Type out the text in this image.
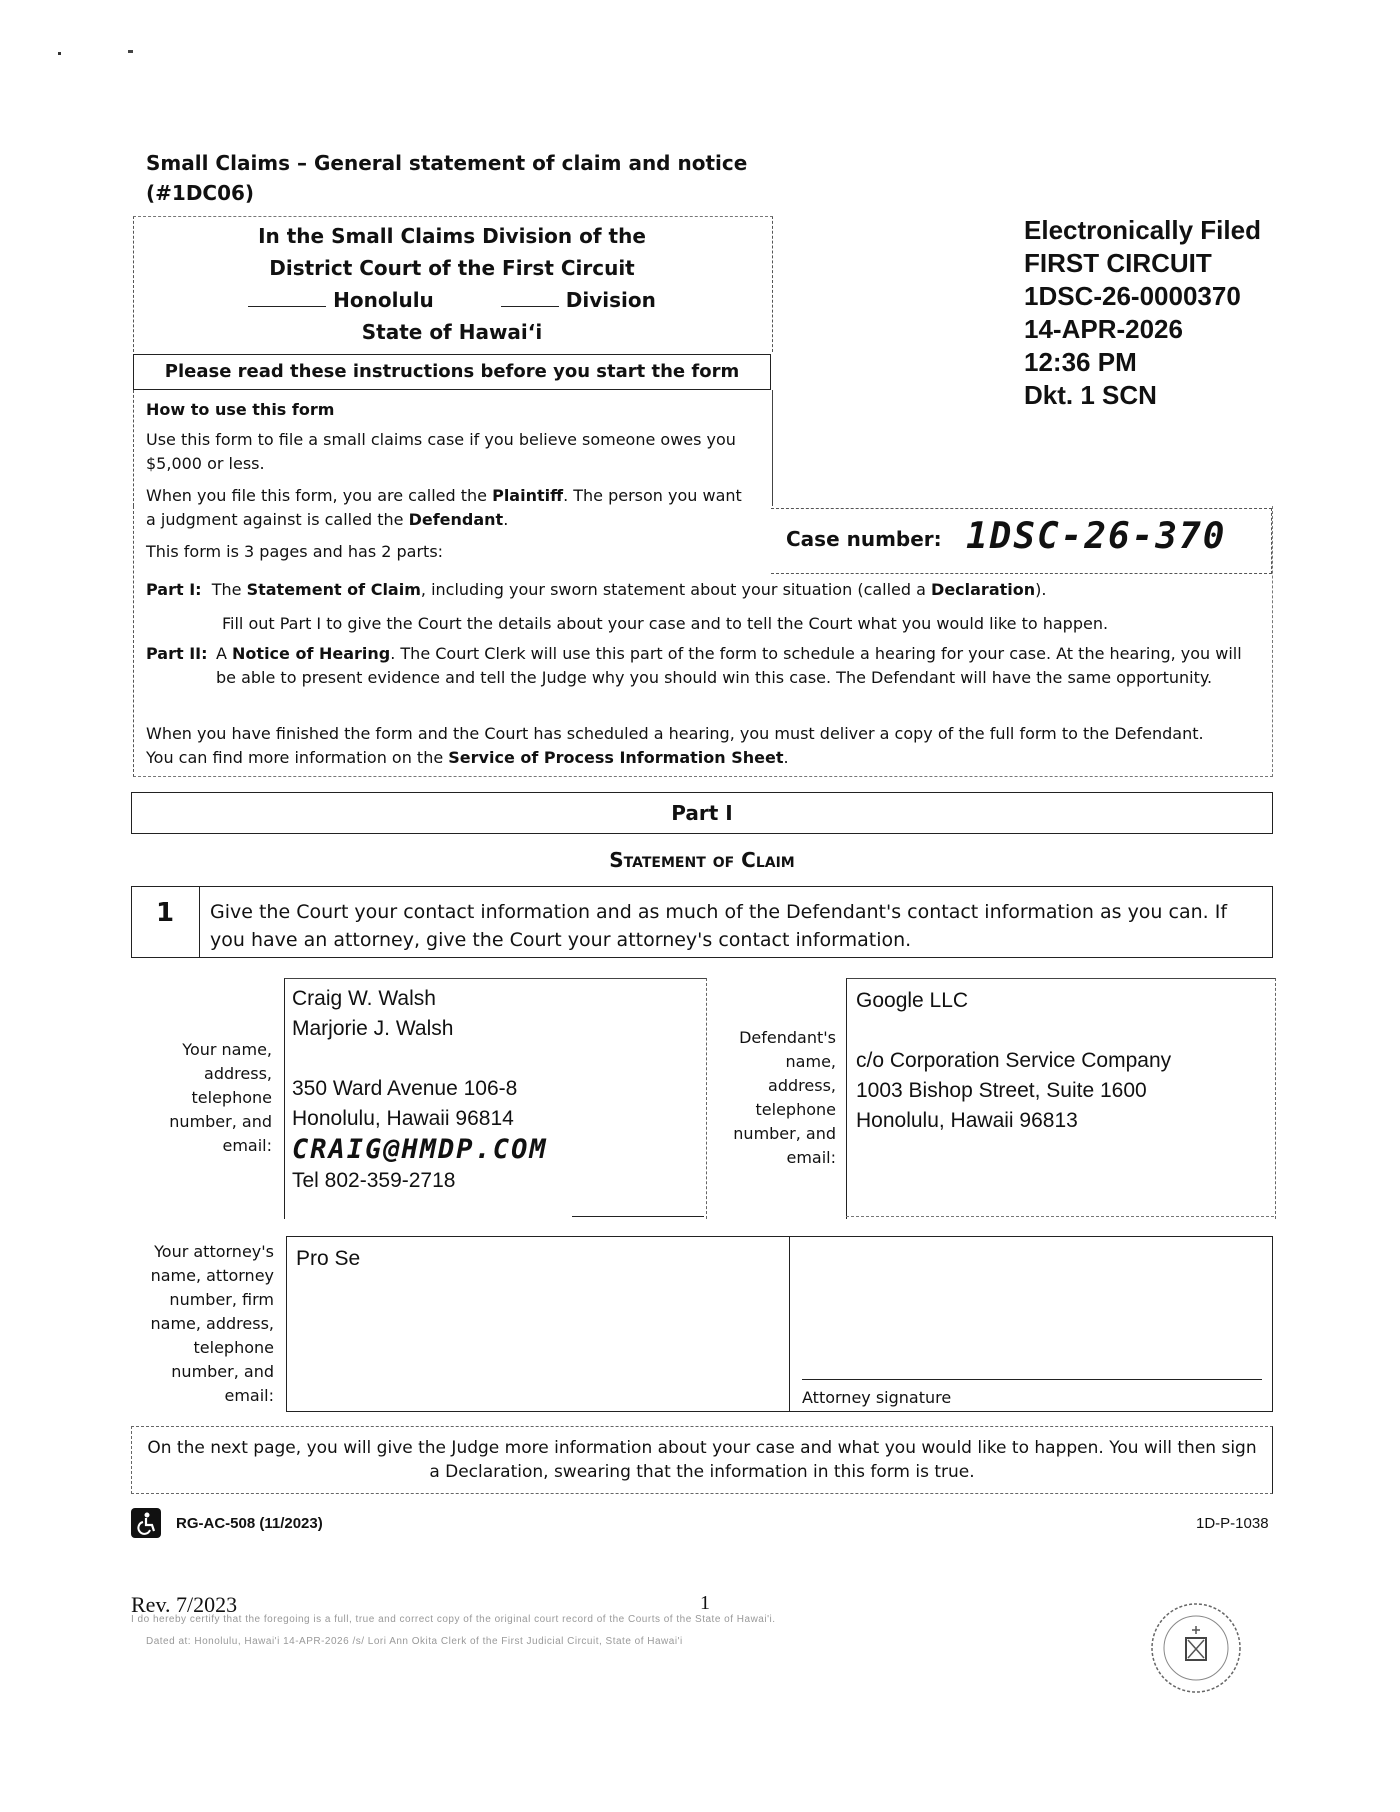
Small Claims – General statement of claim and notice
(#1DC06)
In the Small Claims Division of the
District Court of the First Circuit
Honolulu	Division
State of Hawai‘i
Please read these instructions before you start the form
How to use this form
Use this form to file a small claims case if you believe someone owes you $5,000 or less.
When you file this form, you are called the Plaintiff. The person you want a judgment against is called the Defendant.
This form is 3 pages and has 2 parts:
Part I: The Statement of Claim, including your sworn statement about your situation (called a Declaration).
Fill out Part I to give the Court the details about your case and to tell the Court what you would like to happen.
Part II: A Notice of Hearing. The Court Clerk will use this part of the form to schedule a hearing for your case. At the hearing, you will be able to present evidence and tell the Judge why you should win this case. The Defendant will have the same opportunity.
When you have finished the form and the Court has scheduled a hearing, you must deliver a copy of the full form to the Defendant.
You can find more information on the Service of Process Information Sheet.
Electronically Filed
FIRST CIRCUIT
1DSC-26-0000370
14-APR-2026
12:36 PM
Dkt. 1 SCN
Case number: 1DSC-26-370
Part I
Statement of Claim
1	Give the Court your contact information and as much of the Defendant's contact information as you can. If you have an attorney, give the Court your attorney's contact information.
Your name, address, telephone number, and email:
Craig W. Walsh
Marjorie J. Walsh
350 Ward Avenue 106-8
Honolulu, Hawaii 96814
CRAIG@HMDP.COM
Tel 802-359-2718
Defendant's name, address, telephone number, and email:
Google LLC
c/o Corporation Service Company
1003 Bishop Street, Suite 1600
Honolulu, Hawaii 96813
Your attorney's name, attorney number, firm name, address, telephone number, and email:
Pro Se
Attorney signature
On the next page, you will give the Judge more information about your case and what you would like to happen. You will then sign a Declaration, swearing that the information in this form is true.
RG-AC-508 (11/2023)	1D-P-1038
Rev. 7/2023	1
I do hereby certify that the foregoing is a full, true and correct copy of the original court record of the Courts of the State of Hawai'i.
Dated at: Honolulu, Hawai'i 14-APR-2026 /s/ Lori Ann Okita Clerk of the First Judicial Circuit, State of Hawai'i
